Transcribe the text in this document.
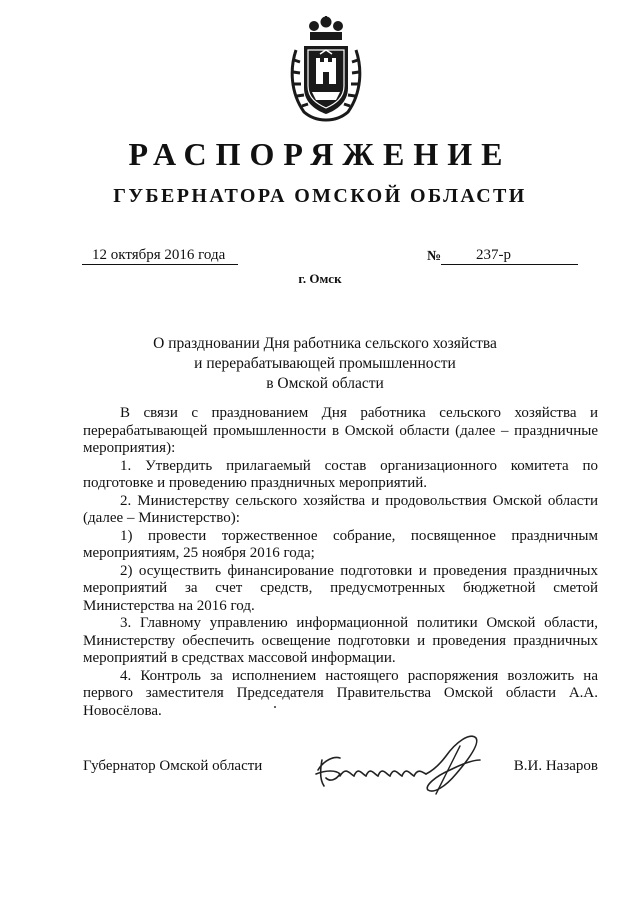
РАСПОРЯЖЕНИЕ
ГУБЕРНАТОРА ОМСКОЙ ОБЛАСТИ
12 октября 2016 года	№ 237-р
г. Омск
О праздновании Дня работника сельского хозяйства
и перерабатывающей промышленности
в Омской области

В связи с празднованием Дня работника сельского хозяйства и перерабатывающей промышленности в Омской области (далее – праздничные мероприятия):

1. Утвердить прилагаемый состав организационного комитета по подготовке и проведению праздничных мероприятий.

2. Министерству сельского хозяйства и продовольствия Омской области (далее – Министерство):

1) провести торжественное собрание, посвященное праздничным мероприятиям, 25 ноября 2016 года;

2) осуществить финансирование подготовки и проведения праздничных мероприятий за счет средств, предусмотренных бюджетной сметой Министерства на 2016 год.

3. Главному управлению информационной политики Омской области, Министерству обеспечить освещение подготовки и проведения праздничных мероприятий в средствах массовой информации.

4. Контроль за исполнением настоящего распоряжения возложить на первого заместителя Председателя Правительства Омской области А.А. Новосёлова.

Губернатор Омской области	В.И. Назаров
